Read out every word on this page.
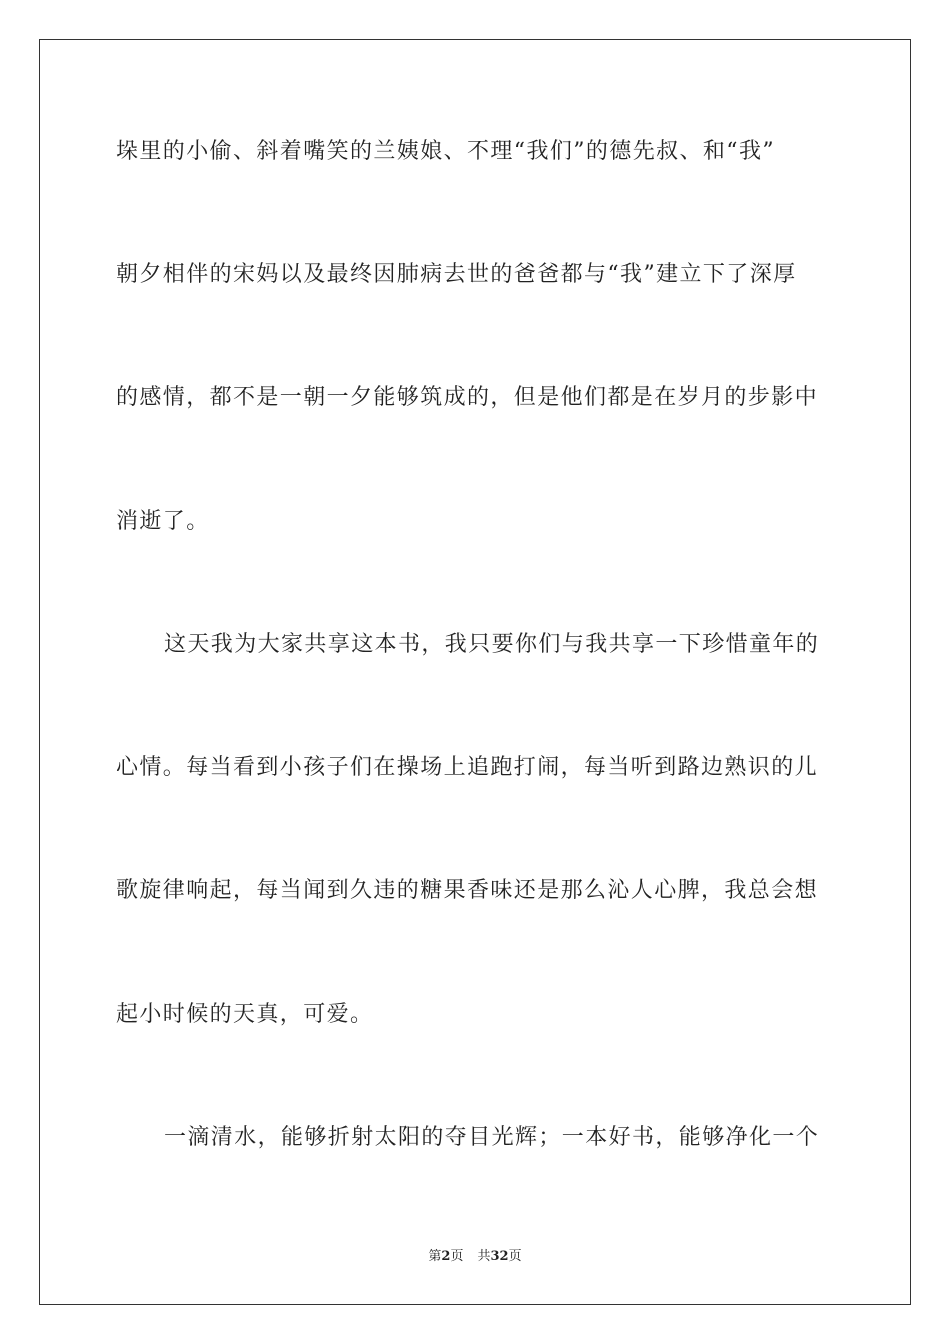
垛里的小偷、斜着嘴笑的兰姨娘、不理“我们”的德先叔、和“我”
朝夕相伴的宋妈以及最终因肺病去世的爸爸都与“我”建立下了深厚
的感情，都不是一朝一夕能够筑成的，但是他们都是在岁月的步影中
消逝了。
这天我为大家共享这本书，我只要你们与我共享一下珍惜童年的
心情。每当看到小孩子们在操场上追跑打闹，每当听到路边熟识的儿
歌旋律响起，每当闻到久违的糖果香味还是那么沁人心脾，我总会想
起小时候的天真，可爱。
一滴清水，能够折射太阳的夺目光辉；一本好书，能够净化一个
第2页 共32页
